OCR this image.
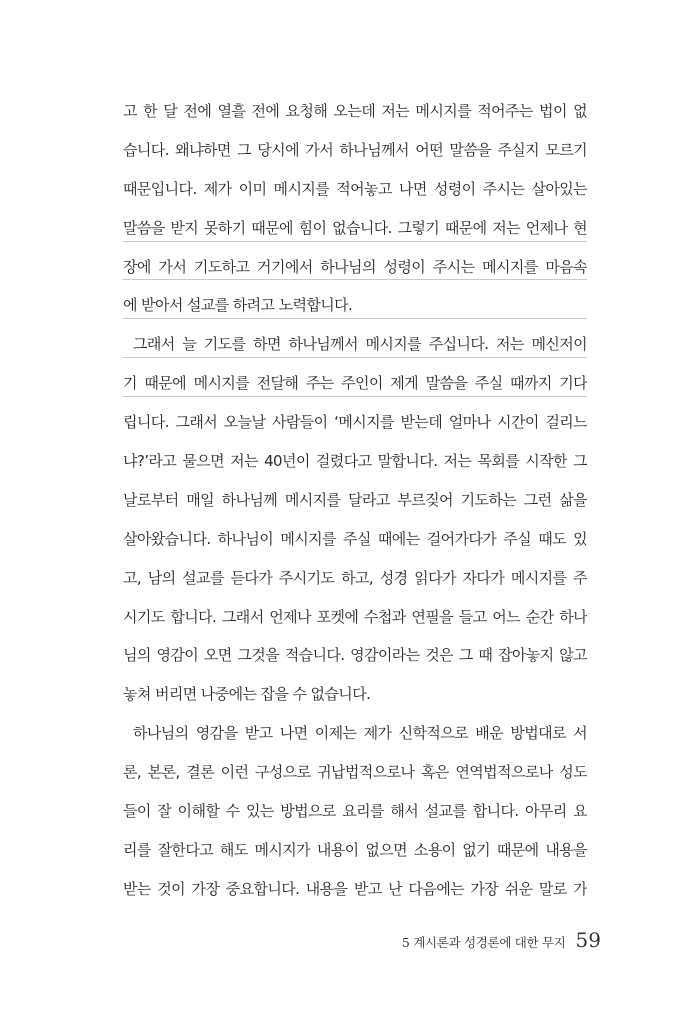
고 한 달 전에 열흘 전에 요청해 오는데 저는 메시지를 적어주는 법이 없
습니다. 왜냐하면 그 당시에 가서 하나님께서 어떤 말씀을 주실지 모르기
때문입니다. 제가 이미 메시지를 적어놓고 나면 성령이 주시는 살아있는
말씀을 받지 못하기 때문에 힘이 없습니다. 그렇기 때문에 저는 언제나 현
장에 가서 기도하고 거기에서 하나님의 성령이 주시는 메시지를 마음속
에 받아서 설교를 하려고 노력합니다.
그래서 늘 기도를 하면 하나님께서 메시지를 주십니다. 저는 메신저이
기 때문에 메시지를 전달해 주는 주인이 제게 말씀을 주실 때까지 기다
립니다. 그래서 오늘날 사람들이 ‘메시지를 받는데 얼마나 시간이 걸리느
냐?’라고 물으면 저는 40년이 걸렸다고 말합니다. 저는 목회를 시작한 그
날로부터 매일 하나님께 메시지를 달라고 부르짖어 기도하는 그런 삶을
살아왔습니다. 하나님이 메시지를 주실 때에는 걸어가다가 주실 때도 있
고, 남의 설교를 듣다가 주시기도 하고, 성경 읽다가 자다가 메시지를 주
시기도 합니다. 그래서 언제나 포켓에 수첩과 연필을 들고 어느 순간 하나
님의 영감이 오면 그것을 적습니다. 영감이라는 것은 그 때 잡아놓지 않고
놓쳐 버리면 나중에는 잡을 수 없습니다.
하나님의 영감을 받고 나면 이제는 제가 신학적으로 배운 방법대로 서
론, 본론, 결론 이런 구성으로 귀납법적으로나 혹은 연역법적으로나 성도
들이 잘 이해할 수 있는 방법으로 요리를 해서 설교를 합니다. 아무리 요
리를 잘한다고 해도 메시지가 내용이 없으면 소용이 없기 때문에 내용을
받는 것이 가장 중요합니다. 내용을 받고 난 다음에는 가장 쉬운 말로 가
5 계시론과 성경론에 대한 무지 59
